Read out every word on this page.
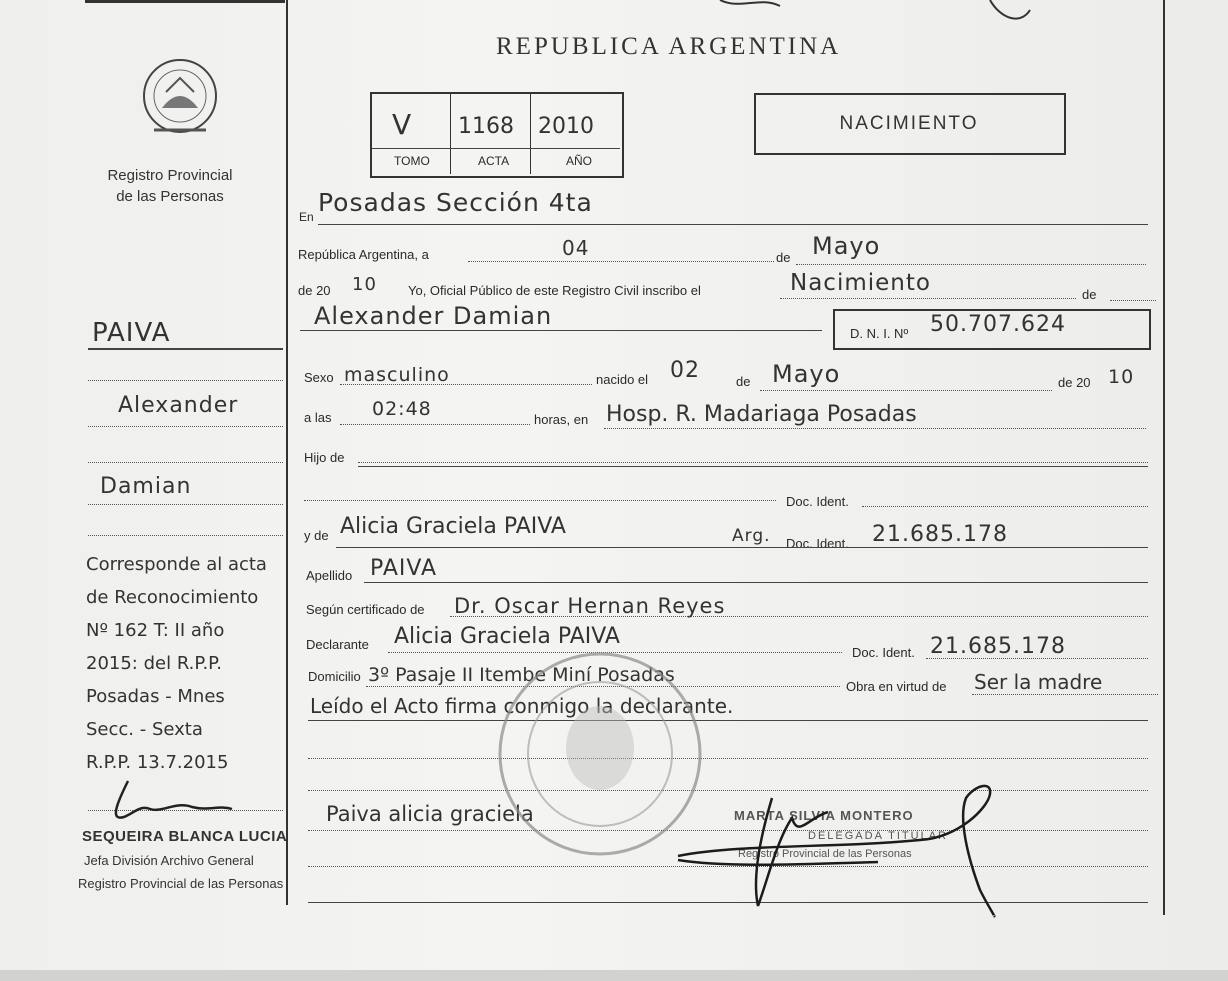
Registro Provincial de las Personas
PAIVA
Alexander
Damian
Corresponde al acta
de Reconocimiento
Nº 162 T: II año
2015: del R.P.P.
Posadas - Mnes
Secc. - Sexta
R.P.P. 13.7.2015
SEQUEIRA BLANCA LUCIA
Jefa División Archivo General
Registro Provincial de las Personas
REPUBLICA ARGENTINA
V 1168 2010
TOMO	ACTA	AÑO
NACIMIENTO
En Posadas Sección 4ta
República Argentina, a	04	de Mayo
de 20 10 Yo, Oficial Público de este Registro Civil inscribo el	Nacimiento	de
Alexander Damian
D. N. I. Nº 50.707.624
Sexo masculino	nacido el 02	de Mayo	de 20 10
a las 02:48	horas, en Hosp. R. Madariaga Posadas
Hijo de
Doc. Ident.
y de Alicia Graciela PAIVA	Arg. Doc. Ident. 21.685.178
Apellido PAIVA
Según certificado de Dr. Oscar Hernan Reyes
Declarante Alicia Graciela PAIVA
Doc. Ident. 21.685.178
Domicilio 3º Pasaje II Itembe Miní Posadas
Obra en virtud de Ser la madre
Leído el Acto firma conmigo la declarante.
Paiva alicia graciela	MARTA SILVIA MONTERO
DELEGADA TITULAR
Registro Provincial de las Personas
